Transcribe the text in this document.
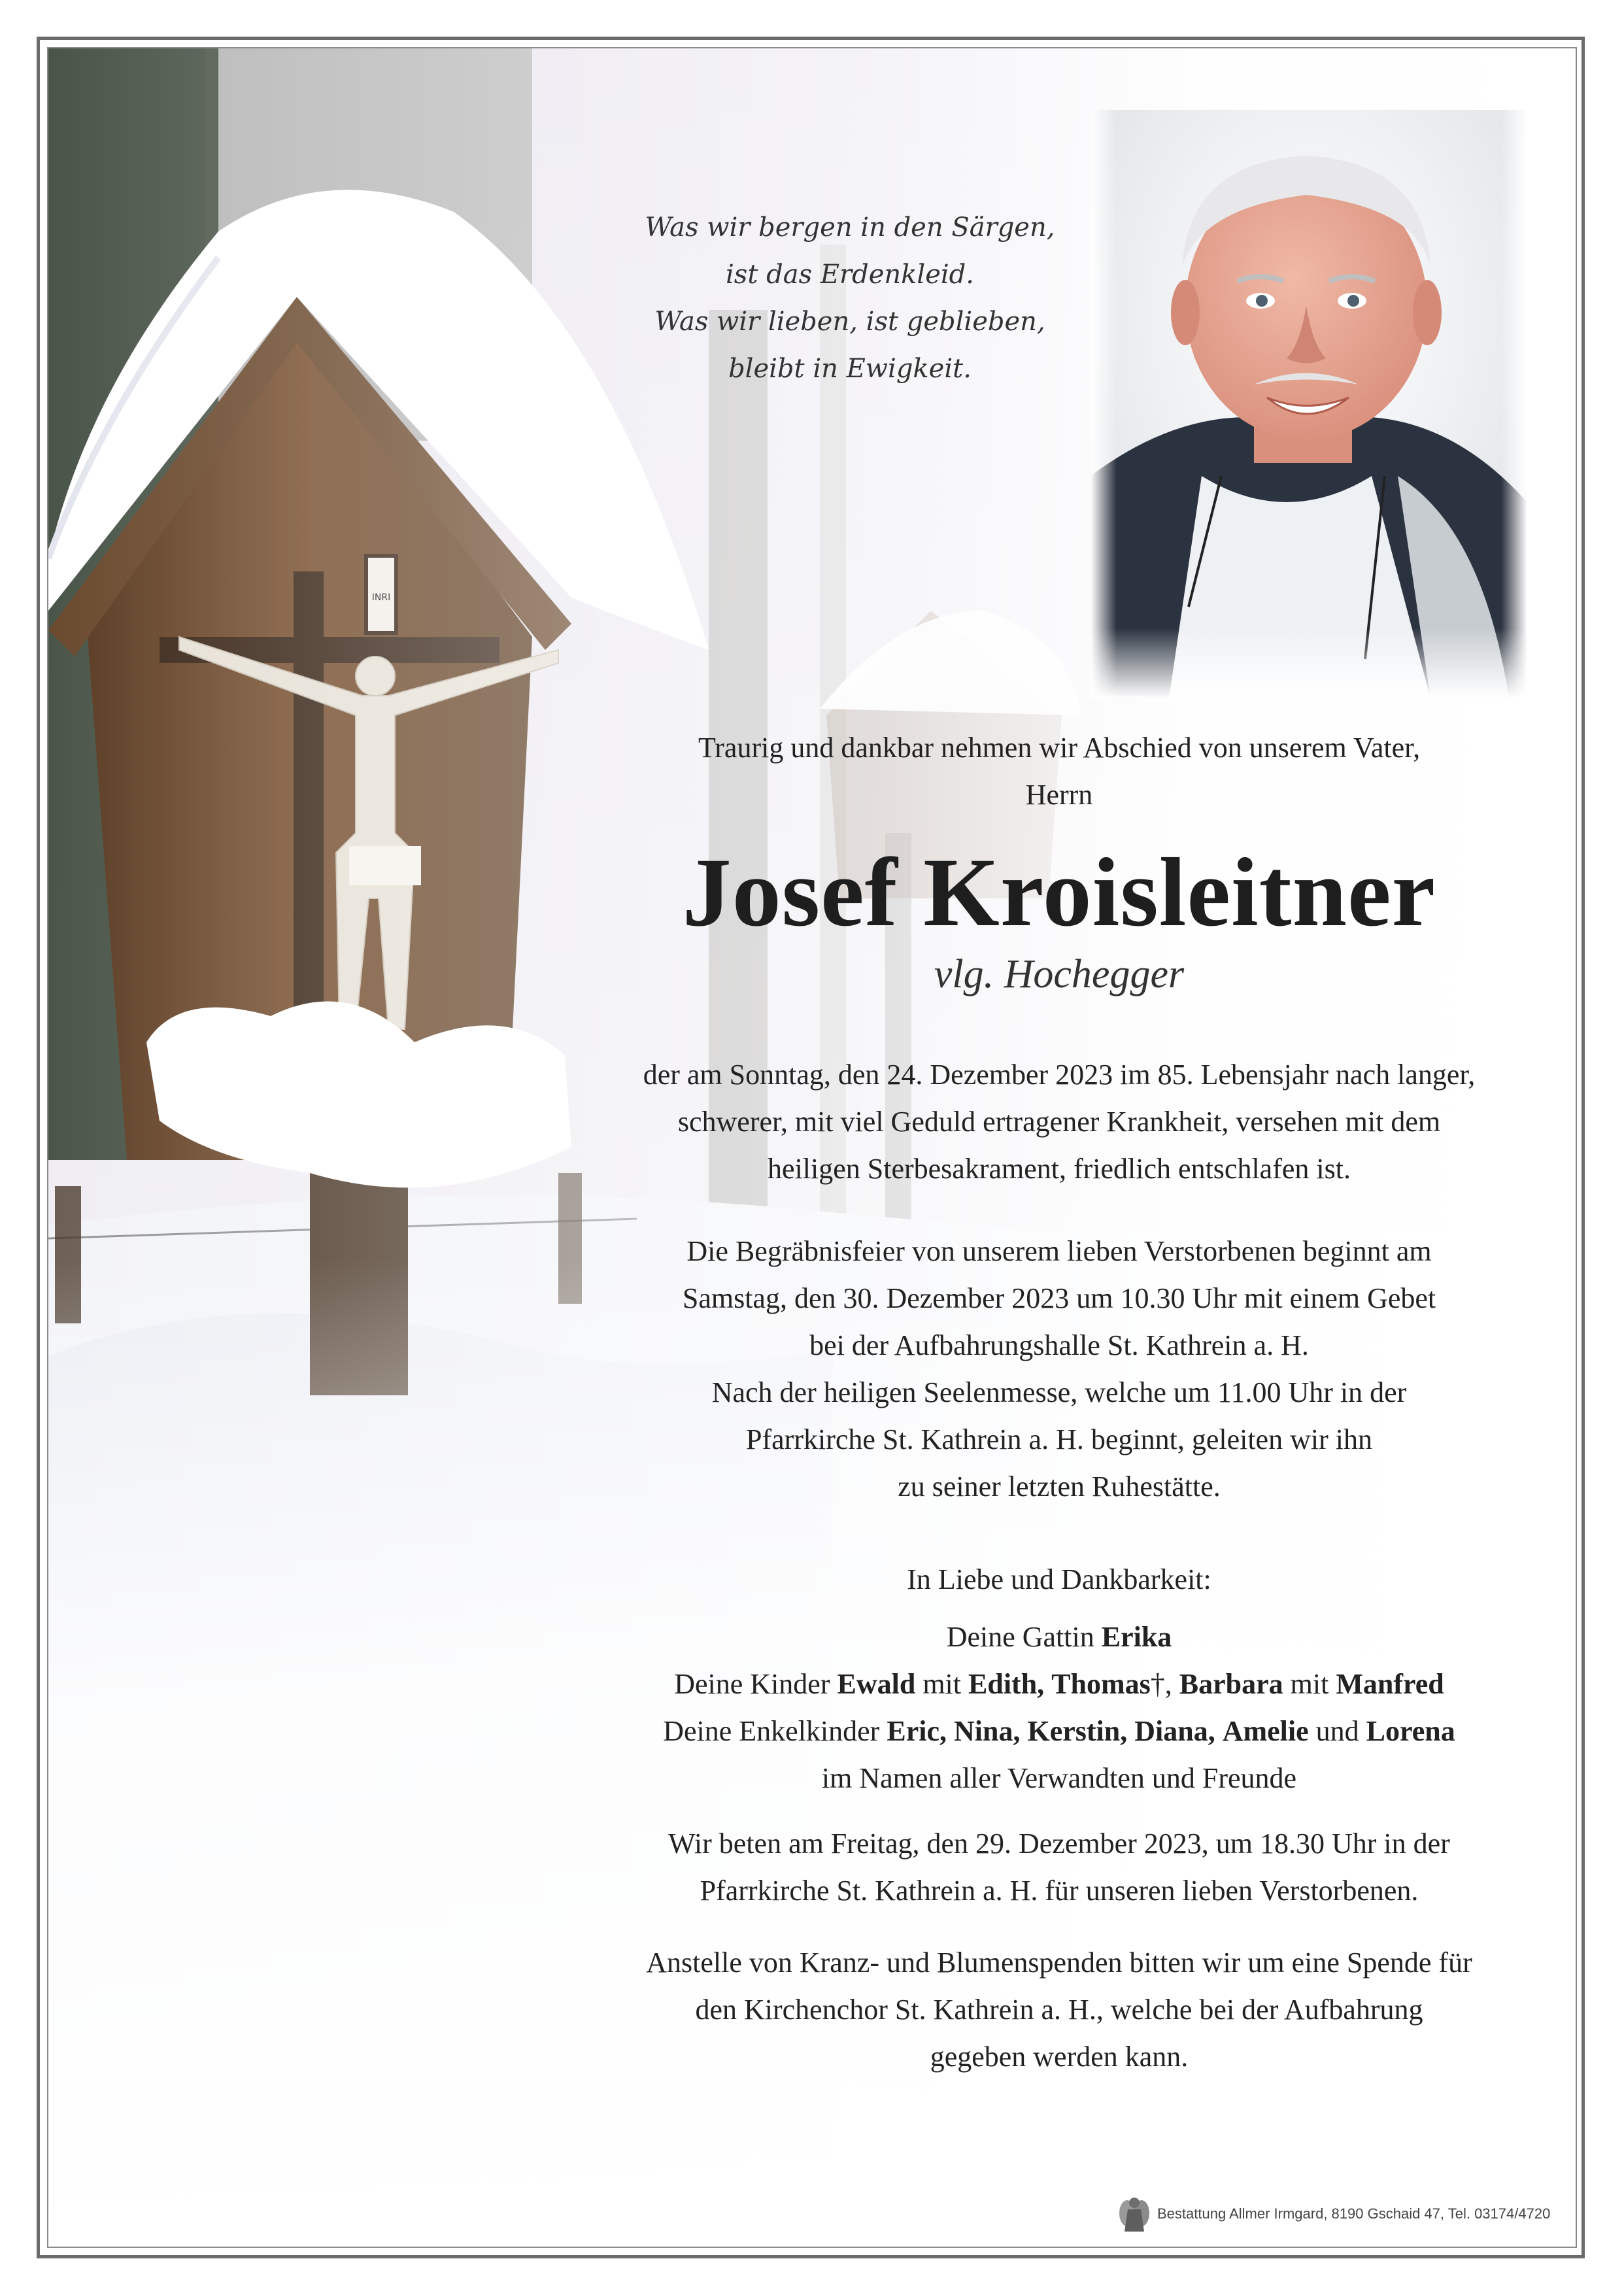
Was wir bergen in den Särgen,
ist das Erdenkleid.
Was wir lieben, ist geblieben,
bleibt in Ewigkeit.
Traurig und dankbar nehmen wir Abschied von unserem Vater,
Herrn
Josef Kroisleitner
vlg. Hochegger
der am Sonntag, den 24. Dezember 2023 im 85. Lebensjahr nach langer,
schwerer, mit viel Geduld ertragener Krankheit, versehen mit dem
heiligen Sterbesakrament, friedlich entschlafen ist.
Die Begräbnisfeier von unserem lieben Verstorbenen beginnt am
Samstag, den 30. Dezember 2023 um 10.30 Uhr mit einem Gebet
bei der Aufbahrungshalle St. Kathrein a. H.
Nach der heiligen Seelenmesse, welche um 11.00 Uhr in der
Pfarrkirche St. Kathrein a. H. beginnt, geleiten wir ihn
zu seiner letzten Ruhestätte.
In Liebe und Dankbarkeit:
Deine Gattin Erika
Deine Kinder Ewald mit Edith, Thomas†, Barbara mit Manfred
Deine Enkelkinder Eric, Nina, Kerstin, Diana, Amelie und Lorena
im Namen aller Verwandten und Freunde
Wir beten am Freitag, den 29. Dezember 2023, um 18.30 Uhr in der
Pfarrkirche St. Kathrein a. H. für unseren lieben Verstorbenen.
Anstelle von Kranz- und Blumenspenden bitten wir um eine Spende für
den Kirchenchor St. Kathrein a. H., welche bei der Aufbahrung
gegeben werden kann.
Bestattung Allmer Irmgard, 8190 Gschaid 47, Tel. 03174/4720
